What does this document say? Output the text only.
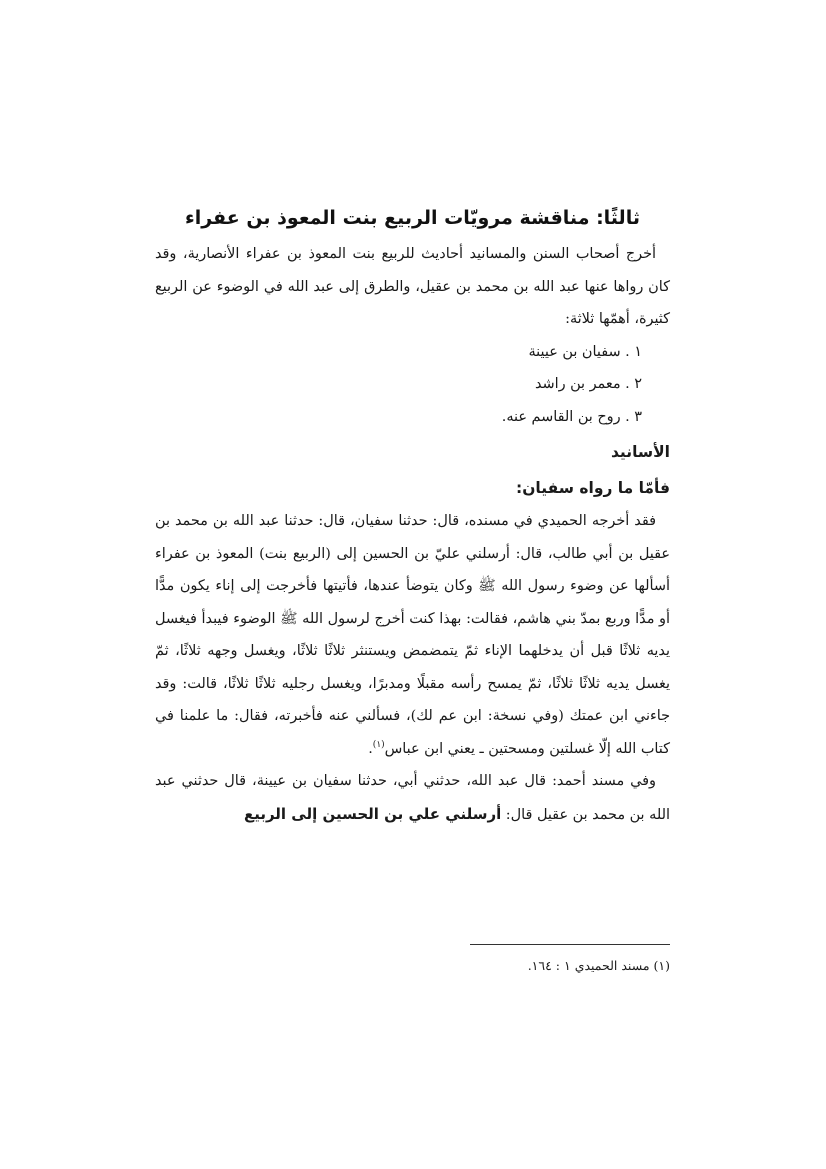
ثالثًا: مناقشة مرويّات الربيع بنت المعوذ بن عفراء

أخرج أصحاب السنن والمسانيد أحاديث للربيع بنت المعوذ بن عفراء الأنصارية، وقد كان رواها عنها عبد الله بن محمد بن عقيل، والطرق إلى عبد الله في الوضوء عن الربيع كثيرة، أهمّها ثلاثة:

١ . سفيان بن عيينة
٢ . معمر بن راشد
٣ . روح بن القاسم عنه.
الأسانيد
فأمّا ما رواه سفيان:

فقد أخرجه الحميدي في مسنده، قال: حدثنا سفيان، قال: حدثنا عبد الله بن محمد بن عقيل بن أبي طالب، قال: أرسلني عليّ بن الحسين إلى (الربيع بنت) المعوذ بن عفراء أسألها عن وضوء رسول الله ﷺ وكان يتوضأ عندها، فأتيتها فأخرجت إلى إناء يكون مدًّا أو مدًّا وربع بمدّ بني هاشم، فقالت: بهذا كنت أخرج لرسول الله ﷺ الوضوء فيبدأ فيغسل يديه ثلاثًا قبل أن يدخلهما الإناء ثمّ يتمضمض ويستنثر ثلاثًا ثلاثًا، ويغسل وجهه ثلاثًا، ثمّ يغسل يديه ثلاثًا ثلاثًا، ثمّ يمسح رأسه مقبلًا ومدبرًا، ويغسل رجليه ثلاثًا ثلاثًا، قالت: وقد جاءني ابن عمتك (وفي نسخة: ابن عم لك)، فسألني عنه فأخبرته، فقال: ما علمنا في كتاب الله إلّا غسلتين ومسحتين ـ يعني ابن عباس$^{(١)}$.

وفي مسند أحمد: قال عبد الله، حدثني أبي، حدثنا سفيان بن عيينة، قال حدثني عبد الله بن محمد بن عقيل قال: أرسلني علي بن الحسين إلى الربيع

(١) مسند الحميدي ١ : ١٦٤.
